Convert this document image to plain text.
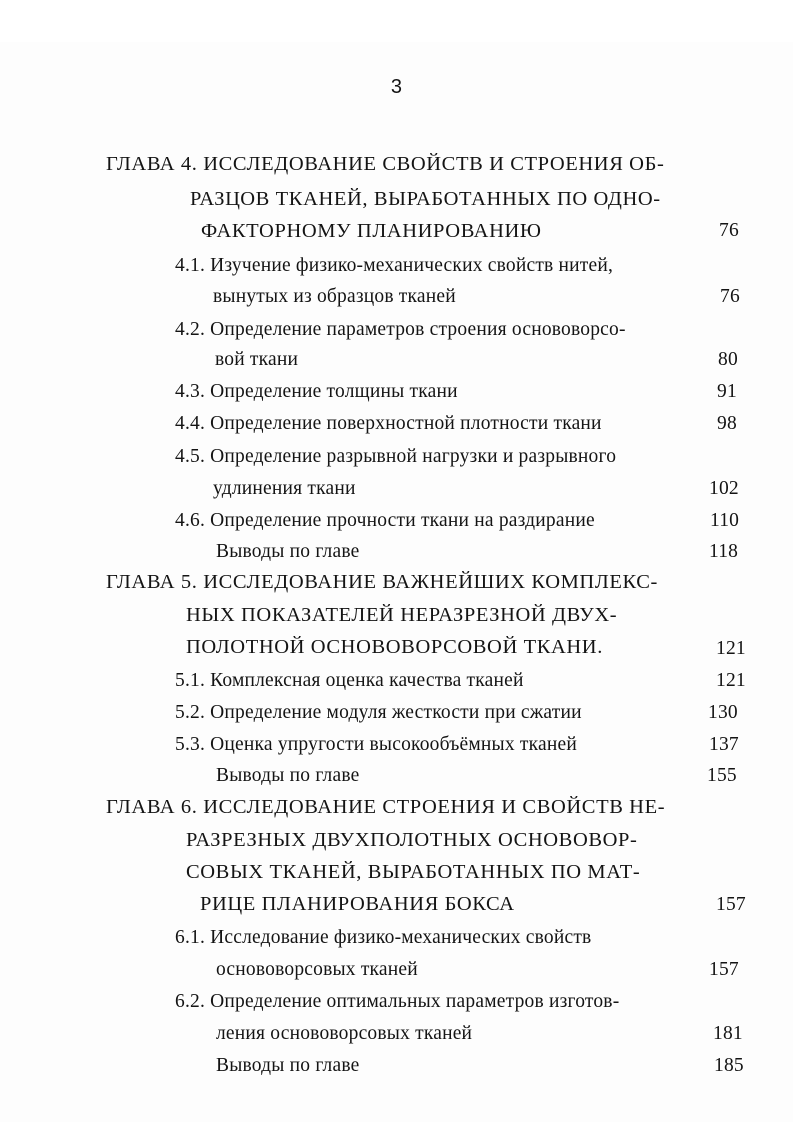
3
ГЛАВА 4. ИССЛЕДОВАНИЕ СВОЙСТВ И СТРОЕНИЯ ОБ-
РАЗЦОВ ТКАНЕЙ, ВЫРАБОТАННЫХ ПО ОДНО-
ФАКТОРНОМУ ПЛАНИРОВАНИЮ	76
4.1. Изучение физико-механических свойств нитей,
вынутых из образцов тканей	76
4.2. Определение параметров строения основоворсо-
вой ткани	80
4.3. Определение толщины ткани	91
4.4. Определение поверхностной плотности ткани	98
4.5. Определение разрывной нагрузки и разрывного
удлинения ткани	102
4.6. Определение прочности ткани на раздирание	110
Выводы по главе	118
ГЛАВА 5. ИССЛЕДОВАНИЕ ВАЖНЕЙШИХ КОМПЛЕКС-
НЫХ ПОКАЗАТЕЛЕЙ НЕРАЗРЕЗНОЙ ДВУХ-
ПОЛОТНОЙ ОСНОВОВОРСОВОЙ ТКАНИ.	121
5.1. Комплексная оценка качества тканей	121
5.2. Определение модуля жесткости при сжатии	130
5.3. Оценка упругости высокообъёмных тканей	137
Выводы по главе	155
ГЛАВА 6. ИССЛЕДОВАНИЕ СТРОЕНИЯ И СВОЙСТВ НЕ-
РАЗРЕЗНЫХ ДВУХПОЛОТНЫХ ОСНОВОВОР-
СОВЫХ ТКАНЕЙ, ВЫРАБОТАННЫХ ПО МАТ-
РИЦЕ ПЛАНИРОВАНИЯ БОКСА	157
6.1. Исследование физико-механических свойств
основоворсовых тканей	157
6.2. Определение оптимальных параметров изготов-
ления основоворсовых тканей	181
Выводы по главе	185
